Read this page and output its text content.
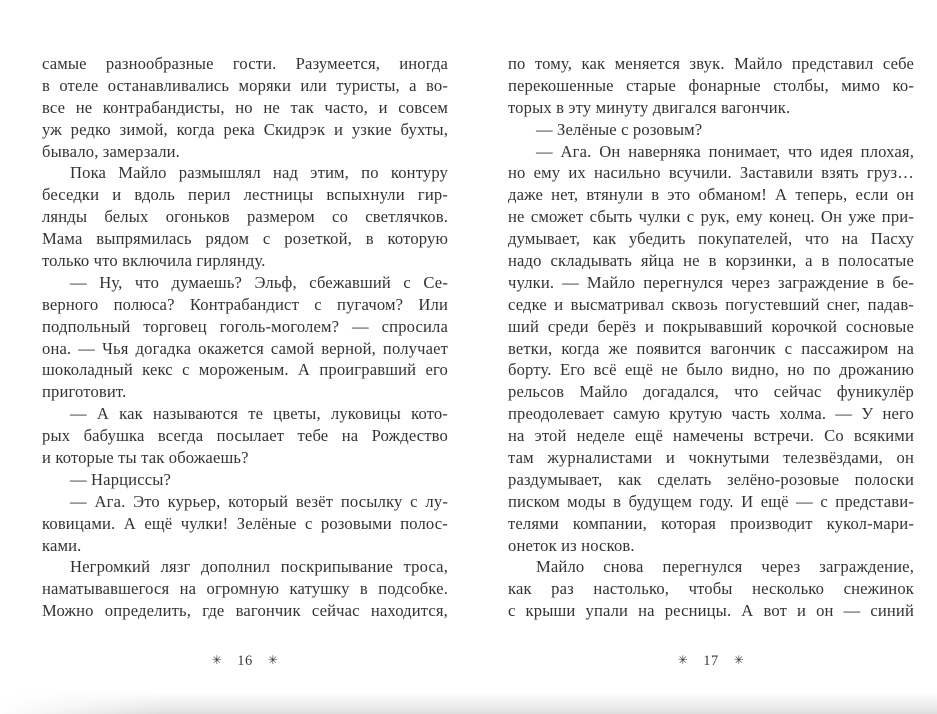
самые разнообразные гости. Разумеется, иногда
в отеле останавливались моряки или туристы, а во-
все не контрабандисты, но не так часто, и совсем
уж редко зимой, когда река Скидрэк и узкие бухты,
бывало, замерзали.
Пока Майло размышлял над этим, по контуру
беседки и вдоль перил лестницы вспыхнули гир-
лянды белых огоньков размером со светлячков.
Мама выпрямилась рядом с розеткой, в которую
только что включила гирлянду.
— Ну, что думаешь? Эльф, сбежавший с Се-
верного полюса? Контрабандист с пугачом? Или
подпольный торговец гоголь-моголем? — спросила
она. — Чья догадка окажется самой верной, получает
шоколадный кекс с мороженым. А проигравший его
приготовит.
— А как называются те цветы, луковицы кото-
рых бабушка всегда посылает тебе на Рождество
и которые ты так обожаешь?
— Нарциссы?
— Ага. Это курьер, который везёт посылку с лу-
ковицами. А ещё чулки! Зелёные с розовыми полос-
ками.
Негромкий лязг дополнил поскрипывание троса,
наматывавшегося на огромную катушку в подсобке.
Можно определить, где вагончик сейчас находится,
✳ 16 ✳
по тому, как меняется звук. Майло представил себе
перекошенные старые фонарные столбы, мимо ко-
торых в эту минуту двигался вагончик.
— Зелёные с розовым?
— Ага. Он наверняка понимает, что идея плохая,
но ему их насильно всучили. Заставили взять груз…
даже нет, втянули в это обманом! А теперь, если он
не сможет сбыть чулки с рук, ему конец. Он уже при-
думывает, как убедить покупателей, что на Пасху
надо складывать яйца не в корзинки, а в полосатые
чулки. — Майло перегнулся через заграждение в бе-
седке и высматривал сквозь погустевший снег, падав-
ший среди берёз и покрывавший корочкой сосновые
ветки, когда же появится вагончик с пассажиром на
борту. Его всё ещё не было видно, но по дрожанию
рельсов Майло догадался, что сейчас фуникулёр
преодолевает самую крутую часть холма. — У него
на этой неделе ещё намечены встречи. Со всякими
там журналистами и чокнутыми телезвёздами, он
раздумывает, как сделать зелёно-розовые полоски
писком моды в будущем году. И ещё — с представи-
телями компании, которая производит кукол-мари-
онеток из носков.
Майло снова перегнулся через заграждение,
как раз настолько, чтобы несколько снежинок
с крыши упали на ресницы. А вот и он — синий
✳ 17 ✳
